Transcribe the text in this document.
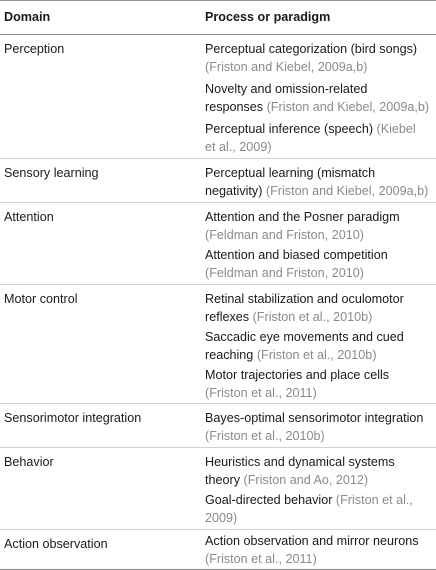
Domain	Process or paradigm
Perception	Perceptual categorization (bird songs)
(Friston and Kiebel, 2009a,b)
Novelty and omission-related
responses (Friston and Kiebel, 2009a,b)
Perceptual inference (speech) (Kiebel
et al., 2009)
Sensory learning	Perceptual learning (mismatch
negativity) (Friston and Kiebel, 2009a,b)
Attention	Attention and the Posner paradigm
(Feldman and Friston, 2010)
Attention and biased competition
(Feldman and Friston, 2010)
Motor control	Retinal stabilization and oculomotor
reflexes (Friston et al., 2010b)
Saccadic eye movements and cued
reaching (Friston et al., 2010b)
Motor trajectories and place cells
(Friston et al., 2011)
Sensorimotor integration	Bayes-optimal sensorimotor integration
(Friston et al., 2010b)
Behavior	Heuristics and dynamical systems
theory (Friston and Ao, 2012)
Goal-directed behavior (Friston et al.,
2009)
Action observation	Action observation and mirror neurons
(Friston et al., 2011)
